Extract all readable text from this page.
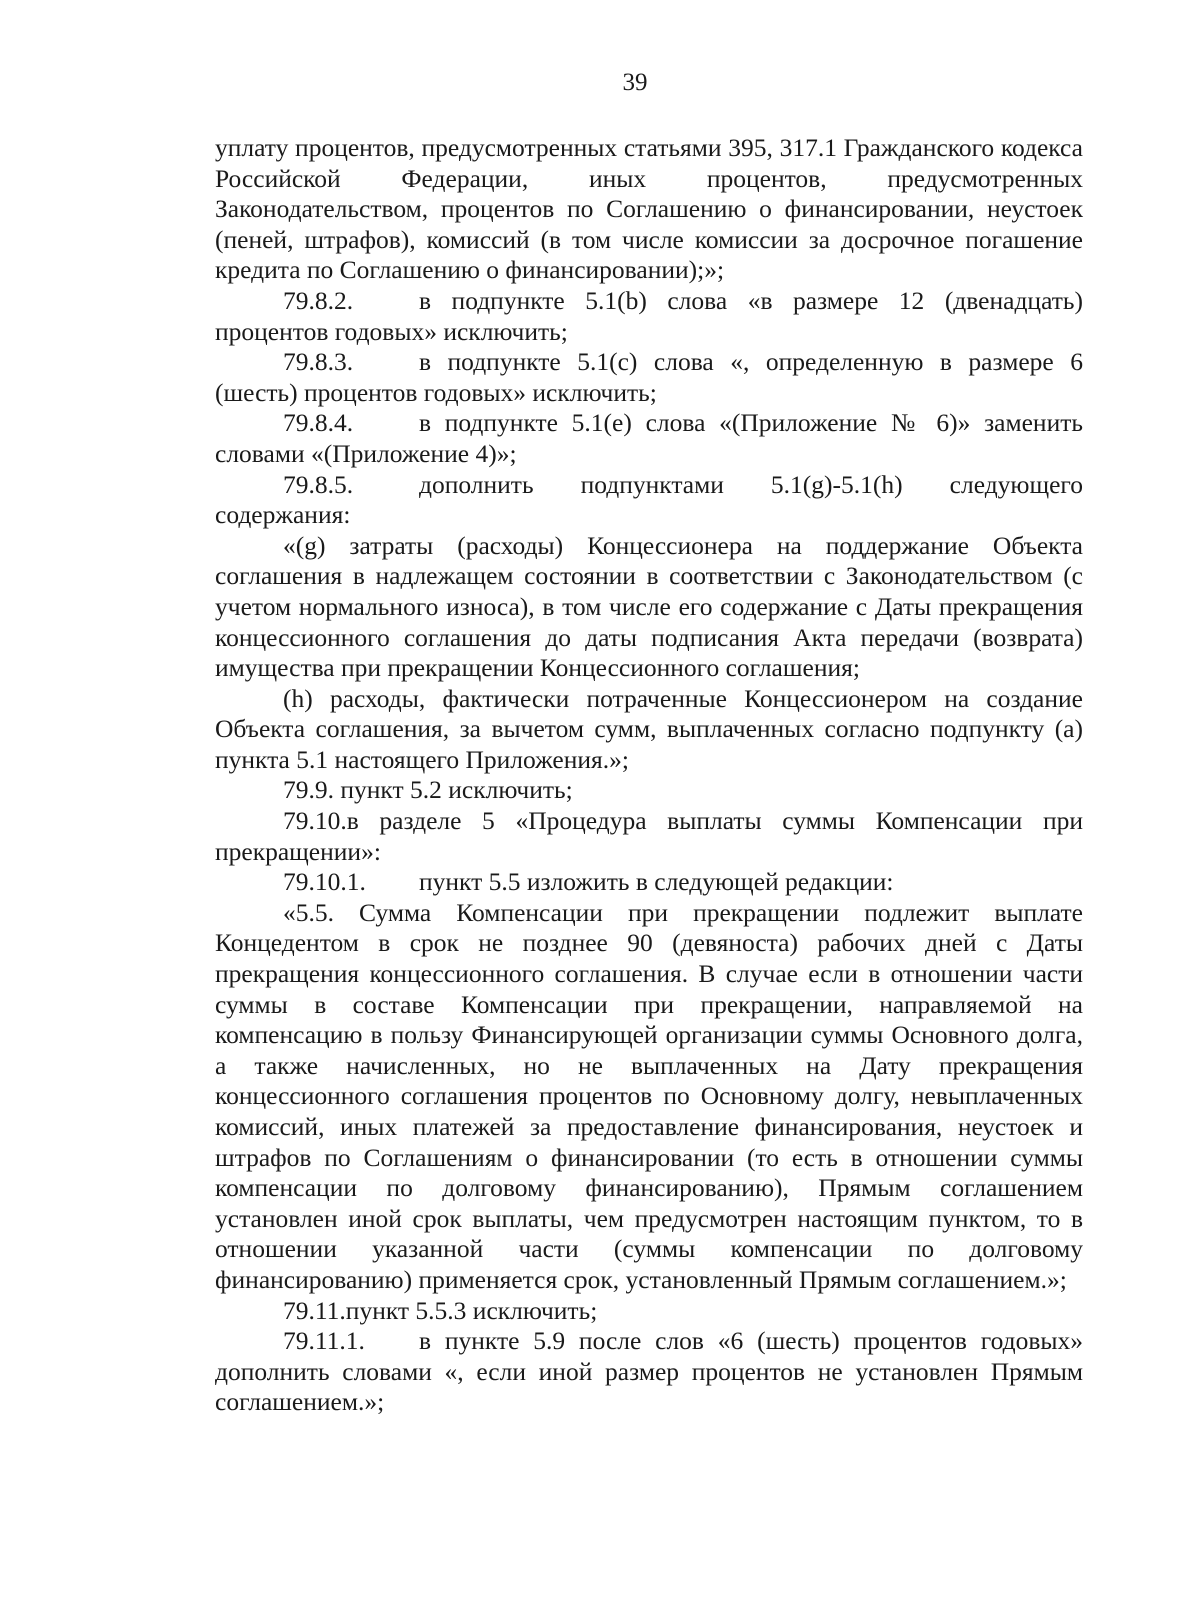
39

уплату процентов, предусмотренных статьями 395, 317.1 Гражданского кодекса Российской Федерации, иных процентов, предусмотренных Законодательством, процентов по Соглашению о финансировании, неустоек (пеней, штрафов), комиссий (в том числе комиссии за досрочное погашение кредита по Соглашению о финансировании);»;

79.8.2.	в подпункте 5.1(b) слова «в размере 12 (двенадцать) процентов годовых» исключить;

79.8.3.	в подпункте 5.1(с) слова «, определенную в размере 6 (шесть) процентов годовых» исключить;

79.8.4.	в подпункте 5.1(е) слова «(Приложение № 6)» заменить словами «(Приложение 4)»;

79.8.5.	дополнить подпунктами 5.1(g)-5.1(h) следующего содержания:

«(g) затраты (расходы) Концессионера на поддержание Объекта соглашения в надлежащем состоянии в соответствии с Законодательством (с учетом нормального износа), в том числе его содержание с Даты прекращения концессионного соглашения до даты подписания Акта передачи (возврата) имущества при прекращении Концессионного соглашения;

(h) расходы, фактически потраченные Концессионером на создание Объекта соглашения, за вычетом сумм, выплаченных согласно подпункту (а) пункта 5.1 настоящего Приложения.»;

79.9. пункт 5.2 исключить;

79.10.в разделе 5 «Процедура выплаты суммы Компенсации при прекращении»:

79.10.1. пункт 5.5 изложить в следующей редакции:

«5.5. Сумма Компенсации при прекращении подлежит выплате Концедентом в срок не позднее 90 (девяноста) рабочих дней с Даты прекращения концессионного соглашения. В случае если в отношении части суммы в составе Компенсации при прекращении, направляемой на компенсацию в пользу Финансирующей организации суммы Основного долга, а также начисленных, но не выплаченных на Дату прекращения концессионного соглашения процентов по Основному долгу, невыплаченных комиссий, иных платежей за предоставление финансирования, неустоек и штрафов по Соглашениям о финансировании (то есть в отношении суммы компенсации по долговому финансированию), Прямым соглашением установлен иной срок выплаты, чем предусмотрен настоящим пунктом, то в отношении указанной части (суммы компенсации по долговому финансированию) применяется срок, установленный Прямым соглашением.»;

79.11.пункт 5.5.3 исключить;

79.11.1. в пункте 5.9 после слов «6 (шесть) процентов годовых» дополнить словами «, если иной размер процентов не установлен Прямым соглашением.»;
